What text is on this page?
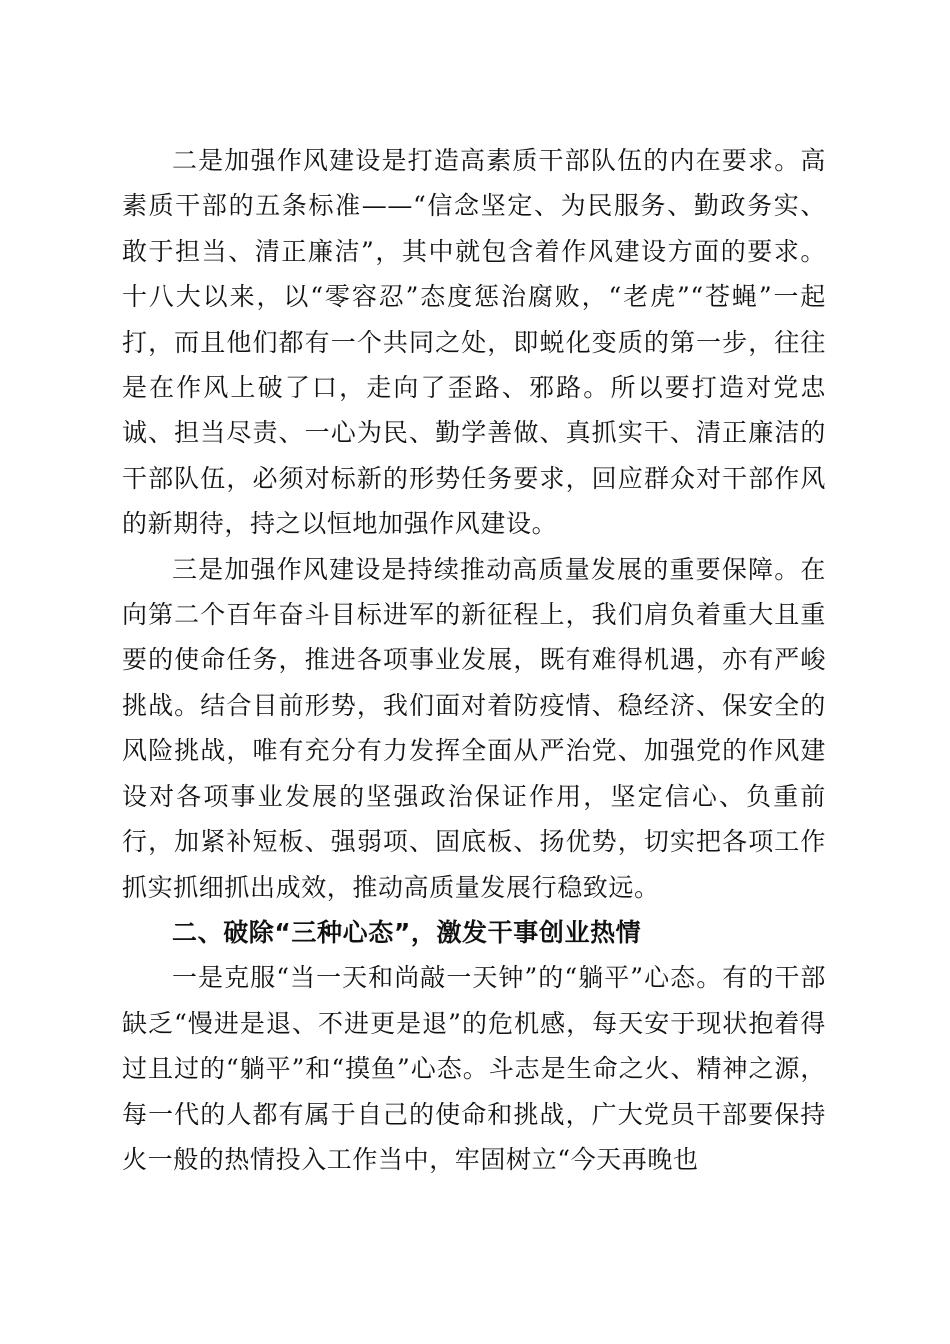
二是加强作风建设是打造高素质干部队伍的内在要求。高素质干部的五条标准——“信念坚定、为民服务、勤政务实、敢于担当、清正廉洁”，其中就包含着作风建设方面的要求。十八大以来，以“零容忍”态度惩治腐败，“老虎”“苍蝇”一起打，而且他们都有一个共同之处，即蜕化变质的第一步，往往是在作风上破了口，走向了歪路、邪路。所以要打造对党忠诚、担当尽责、一心为民、勤学善做、真抓实干、清正廉洁的干部队伍，必须对标新的形势任务要求，回应群众对干部作风的新期待，持之以恒地加强作风建设。

三是加强作风建设是持续推动高质量发展的重要保障。在向第二个百年奋斗目标进军的新征程上，我们肩负着重大且重要的使命任务，推进各项事业发展，既有难得机遇，亦有严峻挑战。结合目前形势，我们面对着防疫情、稳经济、保安全的风险挑战，唯有充分有力发挥全面从严治党、加强党的作风建设对各项事业发展的坚强政治保证作用，坚定信心、负重前行，加紧补短板、强弱项、固底板、扬优势，切实把各项工作抓实抓细抓出成效，推动高质量发展行稳致远。

二、破除“三种心态”，激发干事创业热情

一是克服“当一天和尚敲一天钟”的“躺平”心态。有的干部缺乏“慢进是退、不进更是退”的危机感，每天安于现状抱着得过且过的“躺平”和“摸鱼”心态。斗志是生命之火、精神之源，每一代的人都有属于自己的使命和挑战，广大党员干部要保持火一般的热情投入工作当中，牢固树立“今天再晚也
